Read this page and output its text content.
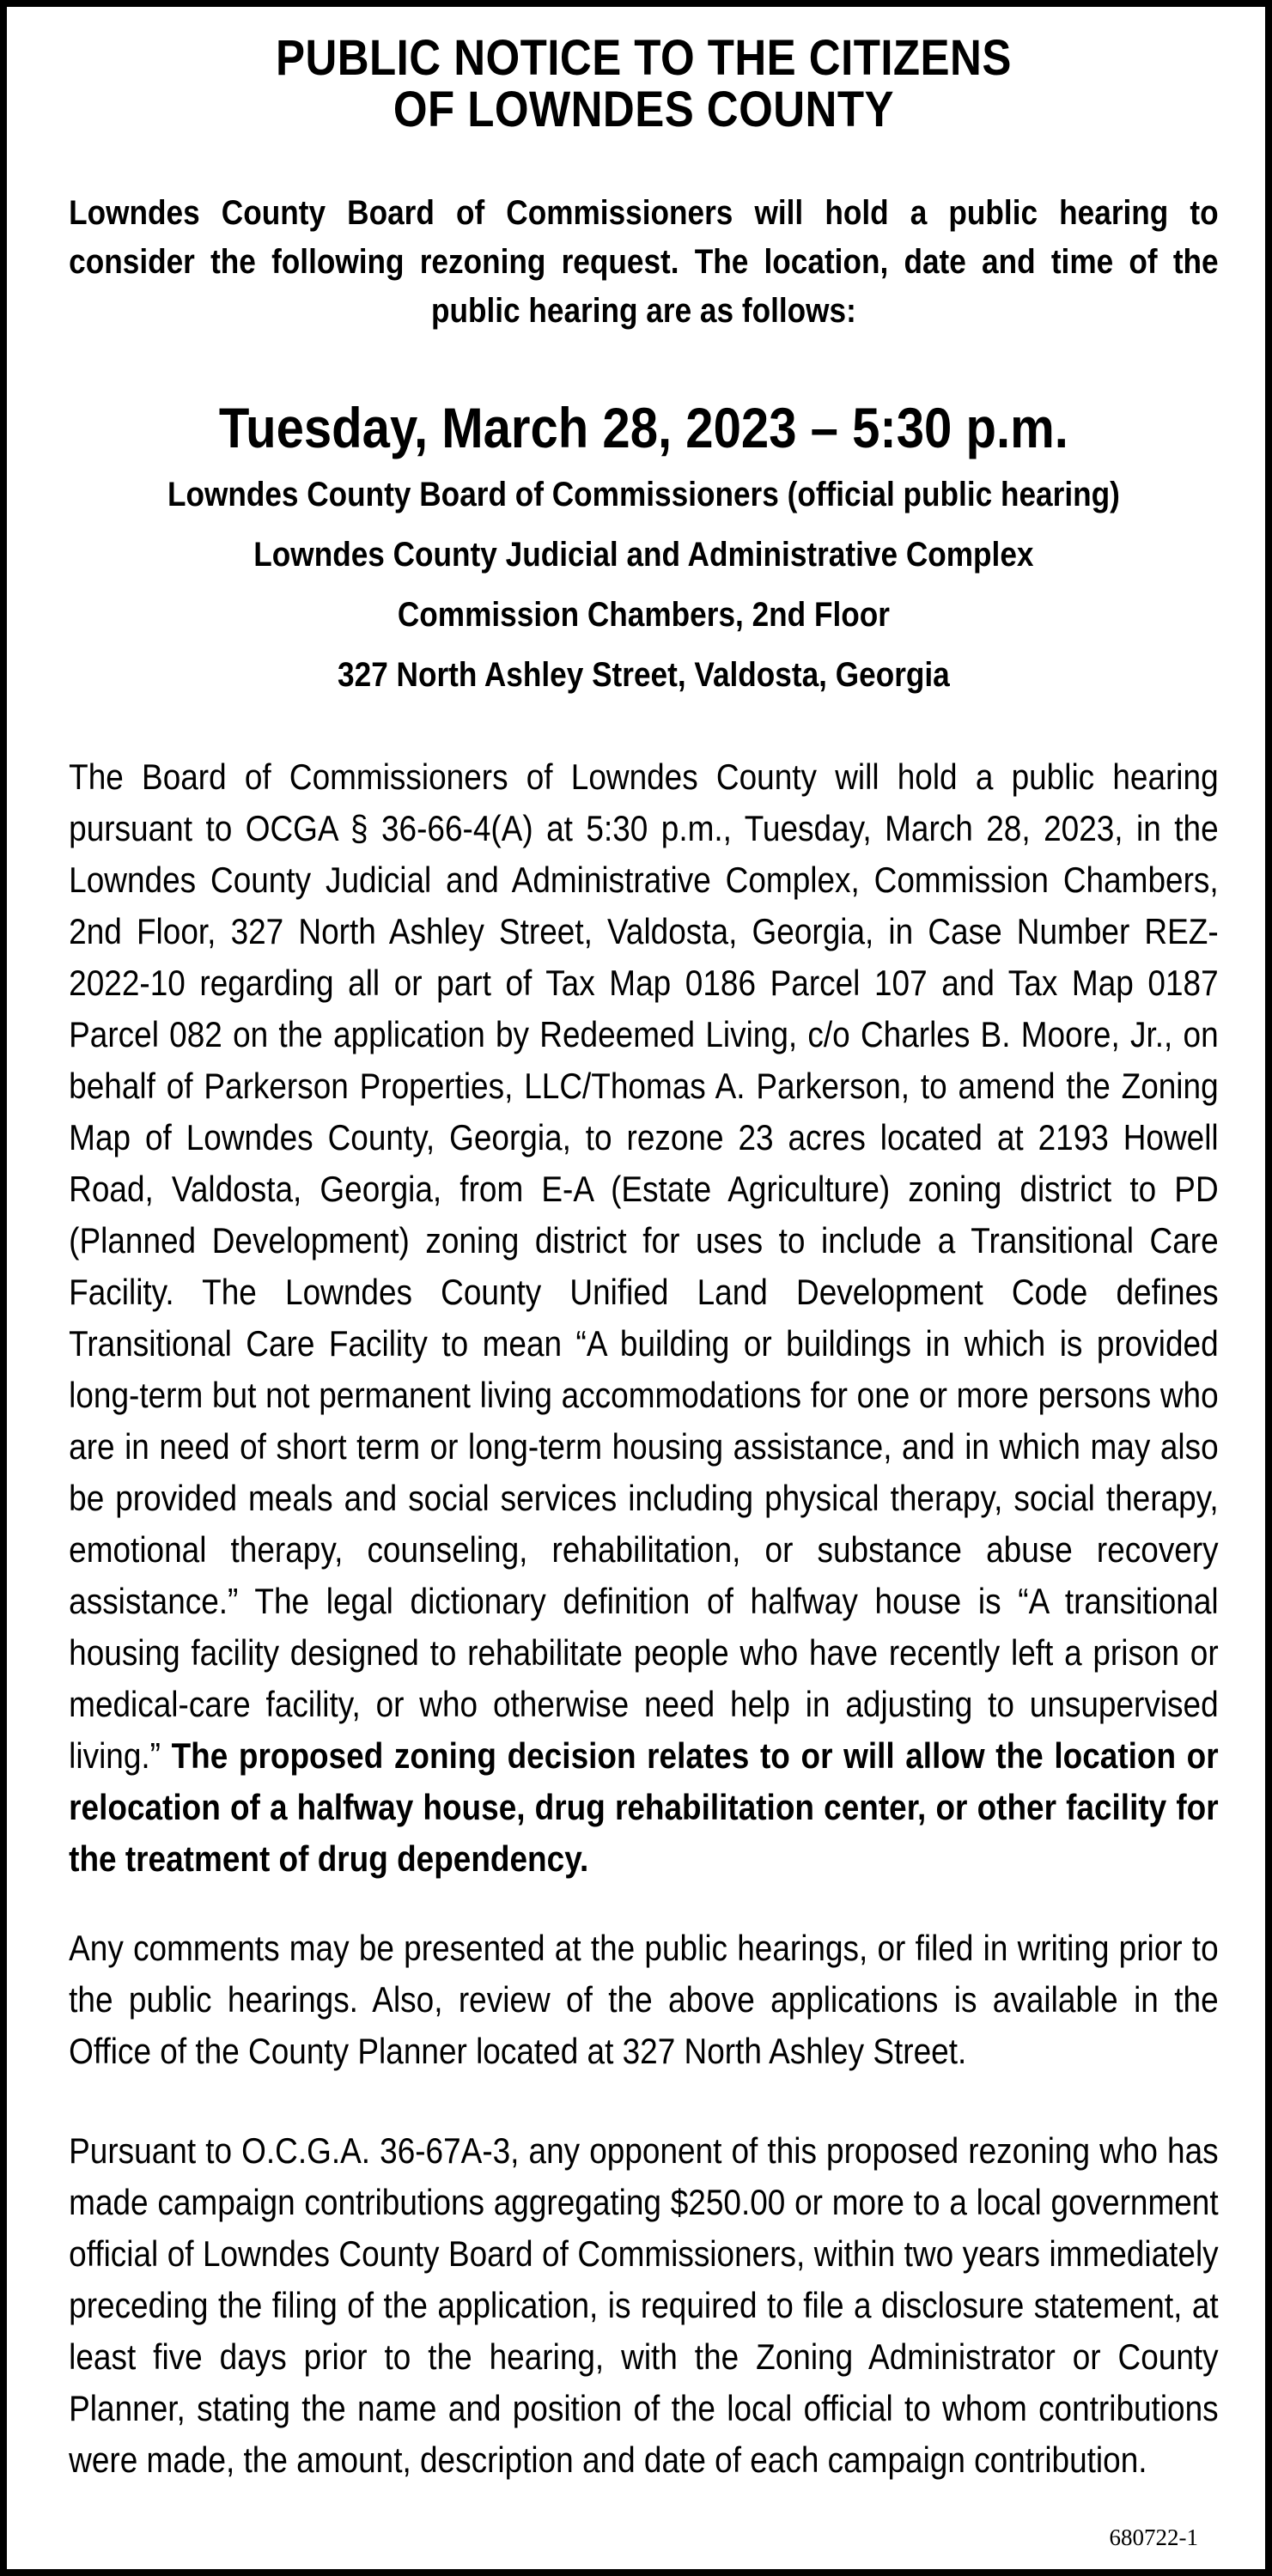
PUBLIC NOTICE TO THE CITIZENS
OF LOWNDES COUNTY

Lowndes County Board of Commissioners will hold a public hearing to consider the following rezoning request. The location, date and time of the public hearing are as follows:

Tuesday, March 28, 2023 – 5:30 p.m.
Lowndes County Board of Commissioners (official public hearing)
Lowndes County Judicial and Administrative Complex
Commission Chambers, 2nd Floor
327 North Ashley Street, Valdosta, Georgia

The Board of Commissioners of Lowndes County will hold a public hearing pursuant to OCGA § 36-66-4(A) at 5:30 p.m., Tuesday, March 28, 2023, in the Lowndes County Judicial and Administrative Complex, Commission Chambers, 2nd Floor, 327 North Ashley Street, Valdosta, Georgia, in Case Number REZ-2022-10 regarding all or part of Tax Map 0186 Parcel 107 and Tax Map 0187 Parcel 082 on the application by Redeemed Living, c/o Charles B. Moore, Jr., on behalf of Parkerson Properties, LLC/Thomas A. Parkerson, to amend the Zoning Map of Lowndes County, Georgia, to rezone 23 acres located at 2193 Howell Road, Valdosta, Georgia, from E-A (Estate Agriculture) zoning district to PD (Planned Development) zoning district for uses to include a Transitional Care Facility. The Lowndes County Unified Land Development Code defines Transitional Care Facility to mean “A building or buildings in which is provided long-term but not permanent living accommodations for one or more persons who are in need of short term or long-term housing assistance, and in which may also be provided meals and social services including physical therapy, social therapy, emotional therapy, counseling, rehabilitation, or substance abuse recovery assistance.” The legal dictionary definition of halfway house is “A transitional housing facility designed to rehabilitate people who have recently left a prison or medical-care facility, or who otherwise need help in adjusting to unsupervised living.” The proposed zoning decision relates to or will allow the location or relocation of a halfway house, drug rehabilitation center, or other facility for the treatment of drug dependency.

Any comments may be presented at the public hearings, or filed in writing prior to the public hearings. Also, review of the above applications is available in the Office of the County Planner located at 327 North Ashley Street.

Pursuant to O.C.G.A. 36-67A-3, any opponent of this proposed rezoning who has made campaign contributions aggregating $250.00 or more to a local government official of Lowndes County Board of Commissioners, within two years immediately preceding the filing of the application, is required to file a disclosure statement, at least five days prior to the hearing, with the Zoning Administrator or County Planner, stating the name and position of the local official to whom contributions were made, the amount, description and date of each campaign contribution.

680722-1
